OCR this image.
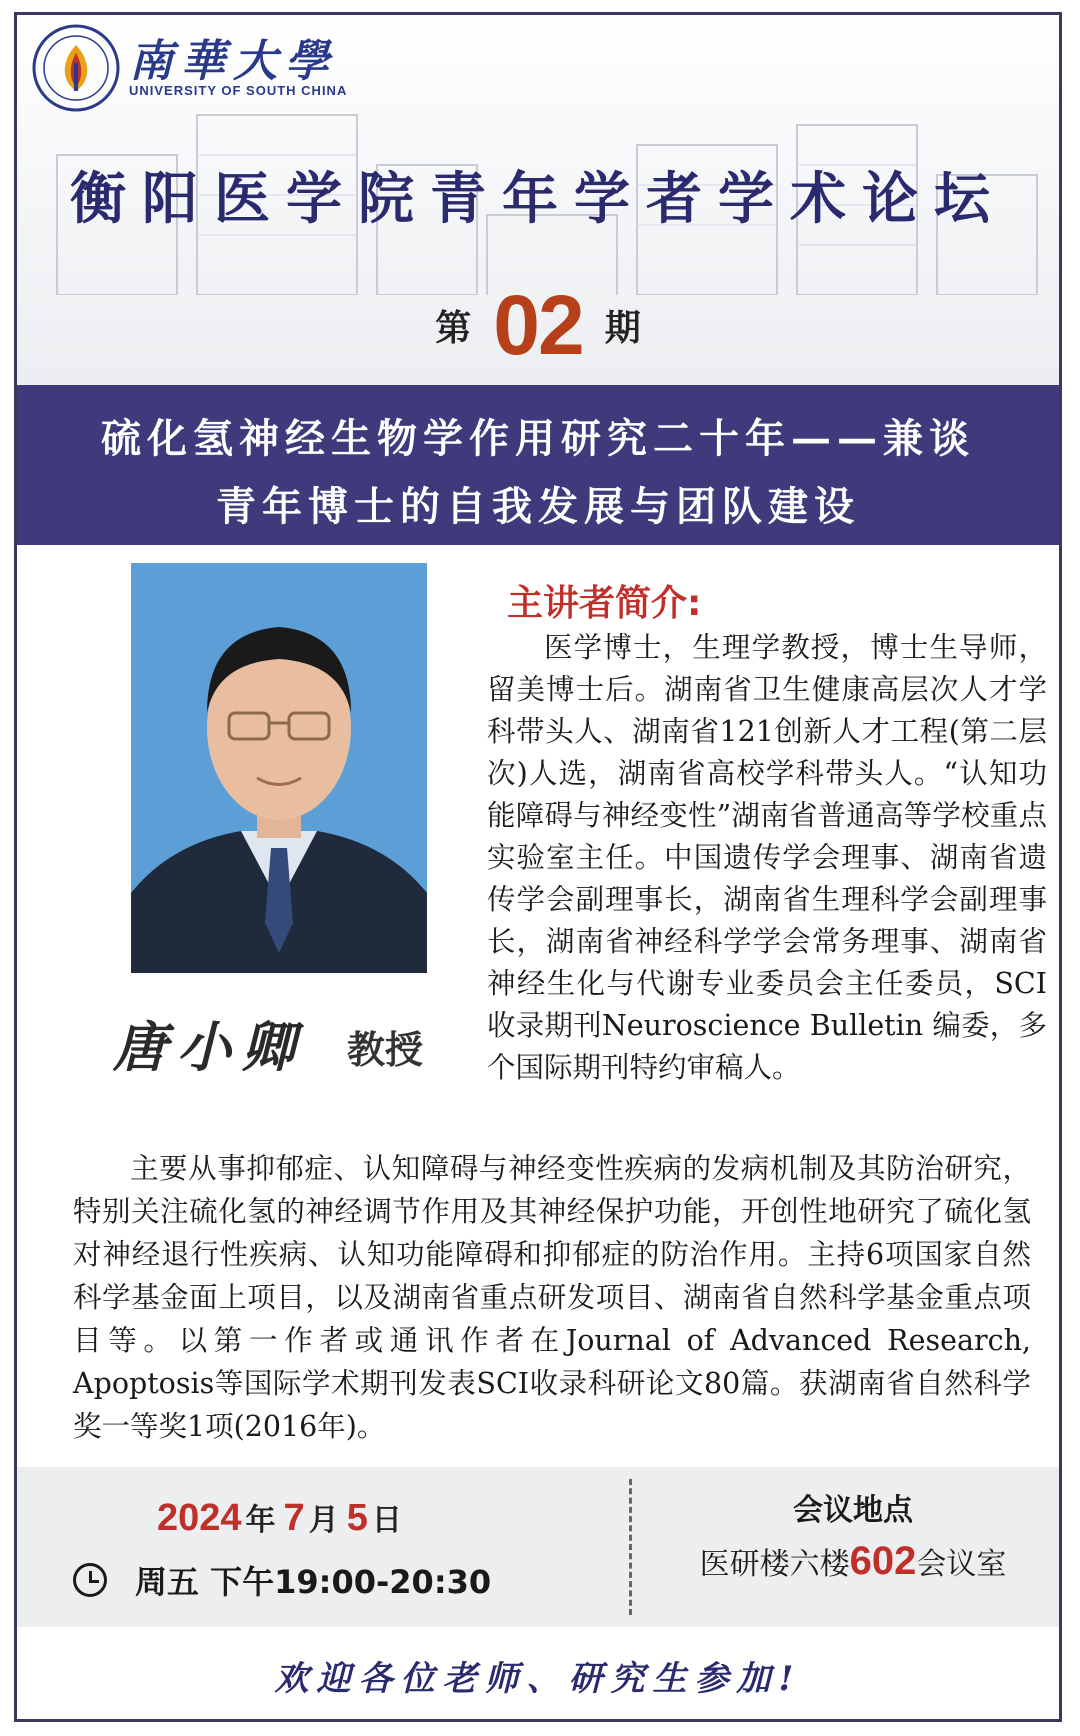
南華大學
UNIVERSITY OF SOUTH CHINA
衡阳医学院青年学者学术论坛
第 02 期
硫化氢神经生物学作用研究二十年——兼谈
青年博士的自我发展与团队建设
唐小卿 教授
主讲者简介:

医学博士，生理学教授，博士生导师，留美博士后。湖南省卫生健康高层次人才学科带头人、湖南省121创新人才工程(第二层次)人选，湖南省高校学科带头人。“认知功能障碍与神经变性”湖南省普通高等学校重点实验室主任。中国遗传学会理事、湖南省遗传学会副理事长，湖南省生理科学会副理事长，湖南省神经科学学会常务理事、湖南省神经生化与代谢专业委员会主任委员，SCI收录期刊Neuroscience Bulletin 编委，多个国际期刊特约审稿人。

主要从事抑郁症、认知障碍与神经变性疾病的发病机制及其防治研究，特别关注硫化氢的神经调节作用及其神经保护功能，开创性地研究了硫化氢对神经退行性疾病、认知功能障碍和抑郁症的防治作用。主持6项国家自然科学基金面上项目，以及湖南省重点研发项目、湖南省自然科学基金重点项目等。以第一作者或通讯作者在Journal of Advanced Research, Apoptosis等国际学术期刊发表SCI收录科研论文80篇。获湖南省自然科学奖一等奖1项(2016年)。

2024 年 7 月 5 日
周五 下午19:00-20:30
会议地点
医研楼六楼602会议室
欢迎各位老师、研究生参加!
